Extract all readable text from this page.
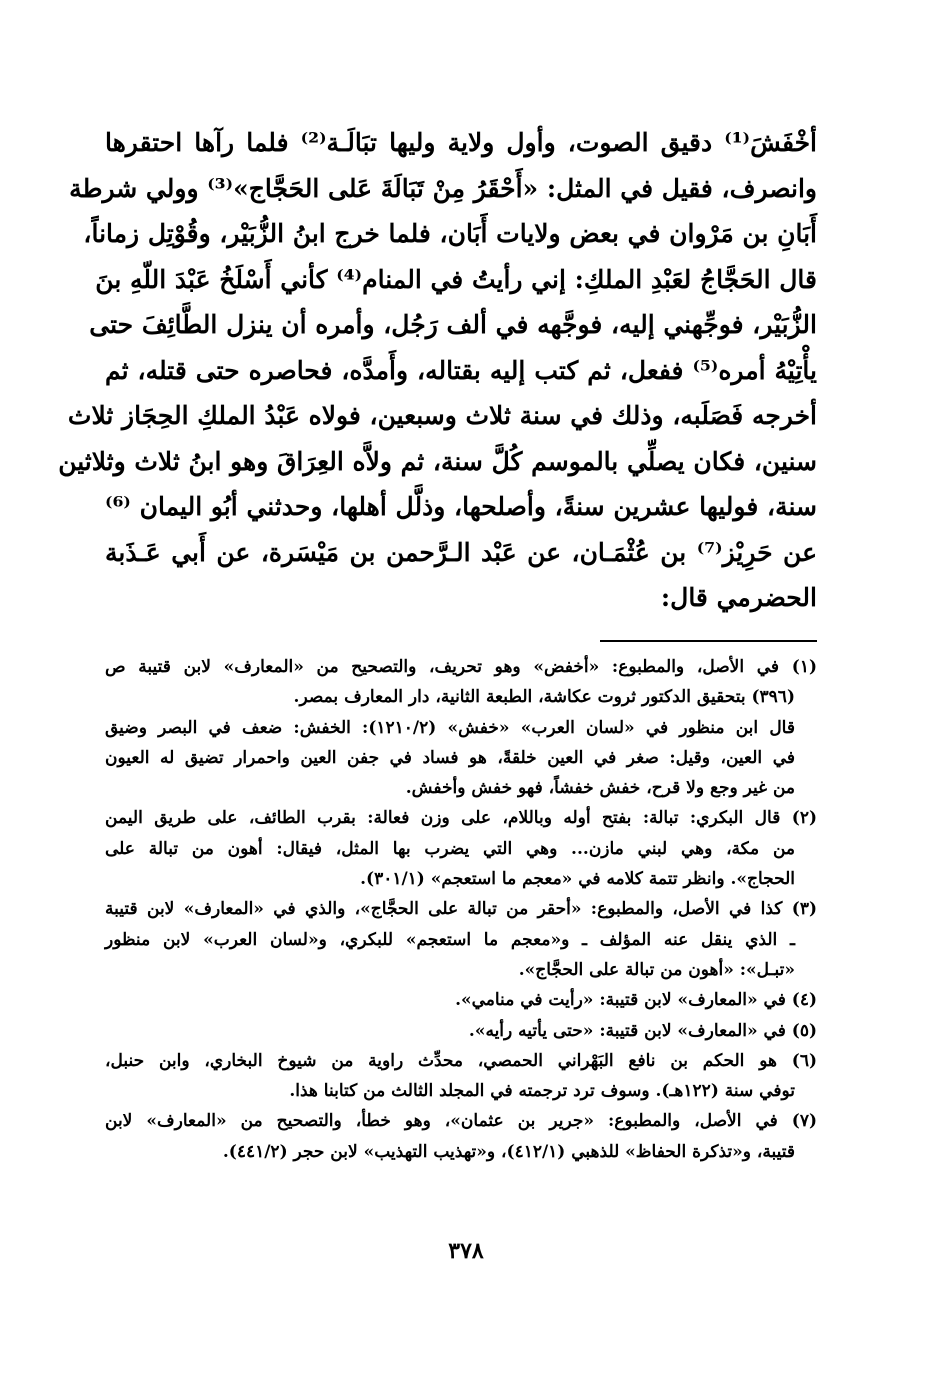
أخْفَشَ⁽¹⁾ دقيق الصوت، وأول ولاية وليها تبَالَـة⁽²⁾ فلما رآها احتقرها
وانصرف، فقيل في المثل: «أَحْقَرُ مِنْ تَبَالَةَ عَلى الحَجَّاج»⁽³⁾ وولي شرطة
أَبَانِ بن مَرْوان في بعض ولايات أَبَان، فلما خرج ابنُ الزُّبَيْر، وقُوْتِل زماناً،
قال الحَجَّاجُ لعَبْدِ الملكِ: إني رأيتُ في المنام⁽⁴⁾ كأني أَسْلَخُ عَبْدَ اللّهِ بنَ
الزُّبَيْر، فوجِّهني إليه، فوجَّهه في ألف رَجُل، وأمره أن ينزل الطَّائِفَ حتى
يأْتِيْهُ أمره⁽⁵⁾ ففعل، ثم كتب إليه بقتاله، وأَمدَّه، فحاصره حتى قتله، ثم
أخرجه فَصَلَبه، وذلك في سنة ثلاث وسبعين، فولاه عَبْدُ الملكِ الحِجَاز ثلاث
سنين، فكان يصلِّي بالموسم كُلَّ سنة، ثم ولاَّه العِرَاقَ وهو ابنُ ثلاث وثلاثين
سنة، فوليها عشرين سنةً، وأصلحها، وذلَّل أهلها، وحدثني أبُو اليمان ⁽⁶⁾
عن حَرِيْز⁽⁷⁾ بن عُثْمَـان، عن عَبْد الـرَّحمن بن مَيْسَرة، عن أَبي عَـذَبة
الحضرمي قال:
(١) في الأصل، والمطبوع: «أخفض» وهو تحريف، والتصحيح من «المعارف» لابن قتيبة ص
(٣٩٦) بتحقيق الدكتور ثروت عكاشة، الطبعة الثانية، دار المعارف بمصر.
قال ابن منظور في «لسان العرب» «خفش» (١٢١٠/٢): الخفش: ضعف في البصر وضيق
في العين، وقيل: صغر في العين خلقةً، هو فساد في جفن العين واحمرار تضيق له العيون
من غير وجع ولا قرح، خفش خفشاً، فهو خفش وأخفش.
(٢) قال البكري: تبالة: بفتح أوله وباللام، على وزن فعالة: بقرب الطائف، على طريق اليمن
من مكة، وهي لبني مازن... وهي التي يضرب بها المثل، فيقال: أهون من تبالة على
الحجاج». وانظر تتمة كلامه في «معجم ما استعجم» (٣٠١/١).
(٣) كذا في الأصل، والمطبوع: «أحقر من تبالة على الحجَّاج»، والذي في «المعارف» لابن قتيبة
ـ الذي ينقل عنه المؤلف ـ و«معجم ما استعجم» للبكري، و«لسان العرب» لابن منظور
«تبـل»: «أهون من تبالة على الحجَّاج».
(٤) في «المعارف» لابن قتيبة: «رأيت في منامي».
(٥) في «المعارف» لابن قتيبة: «حتى يأتيه رأيه».
(٦) هو الحكم بن نافع البَهْراني الحمصي، محدِّث راوية من شيوخ البخاري، وابن حنبل،
توفي سنة (١٢٢هـ). وسوف ترد ترجمته في المجلد الثالث من كتابنا هذا.
(٧) في الأصل، والمطبوع: «جرير بن عثمان»، وهو خطأ، والتصحيح من «المعارف» لابن
قتيبة، و«تذكرة الحفاظ» للذهبي (٤١٢/١)، و«تهذيب التهذيب» لابن حجر (٤٤١/٢).
٣٧٨
